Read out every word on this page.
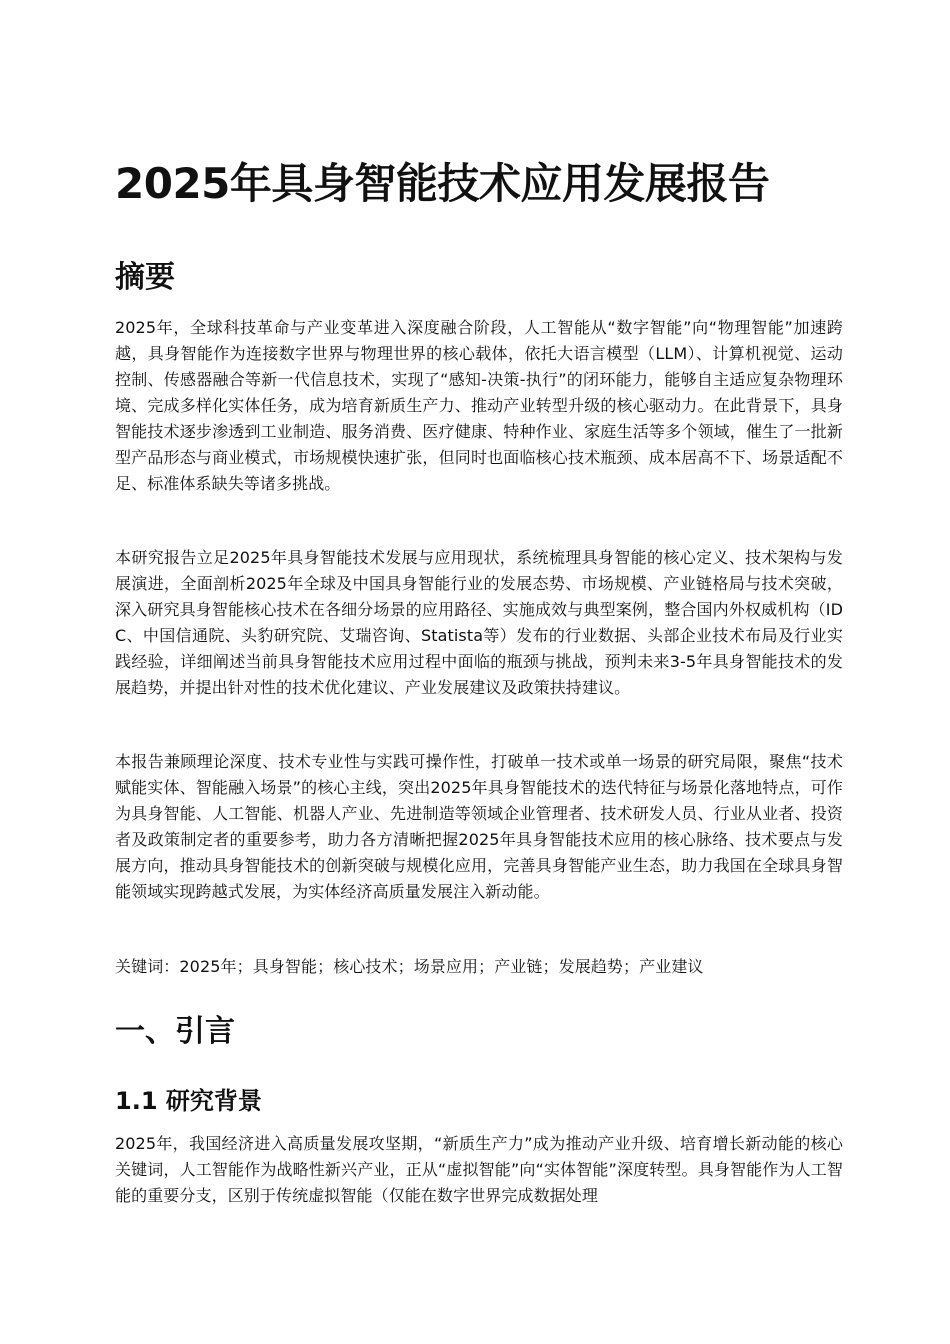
2025年具身智能技术应用发展报告
摘要

2025年，全球科技革命与产业变革进入深度融合阶段，人工智能从“数字智能”向“物理智能”加速跨越，具身智能作为连接数字世界与物理世界的核心载体，依托大语言模型（LLM）、计算机视觉、运动控制、传感器融合等新一代信息技术，实现了“感知-决策-执行”的闭环能力，能够自主适应复杂物理环境、完成多样化实体任务，成为培育新质生产力、推动产业转型升级的核心驱动力。在此背景下，具身智能技术逐步渗透到工业制造、服务消费、医疗健康、特种作业、家庭生活等多个领域，催生了一批新型产品形态与商业模式，市场规模快速扩张，但同时也面临核心技术瓶颈、成本居高不下、场景适配不足、标准体系缺失等诸多挑战。

本研究报告立足2025年具身智能技术发展与应用现状，系统梳理具身智能的核心定义、技术架构与发展演进，全面剖析2025年全球及中国具身智能行业的发展态势、市场规模、产业链格局与技术突破，深入研究具身智能核心技术在各细分场景的应用路径、实施成效与典型案例，整合国内外权威机构（IDC、中国信通院、头豹研究院、艾瑞咨询、Statista等）发布的行业数据、头部企业技术布局及行业实践经验，详细阐述当前具身智能技术应用过程中面临的瓶颈与挑战，预判未来3-5年具身智能技术的发展趋势，并提出针对性的技术优化建议、产业发展建议及政策扶持建议。

本报告兼顾理论深度、技术专业性与实践可操作性，打破单一技术或单一场景的研究局限，聚焦“技术赋能实体、智能融入场景”的核心主线，突出2025年具身智能技术的迭代特征与场景化落地特点，可作为具身智能、人工智能、机器人产业、先进制造等领域企业管理者、技术研发人员、行业从业者、投资者及政策制定者的重要参考，助力各方清晰把握2025年具身智能技术应用的核心脉络、技术要点与发展方向，推动具身智能技术的创新突破与规模化应用，完善具身智能产业生态，助力我国在全球具身智能领域实现跨越式发展，为实体经济高质量发展注入新动能。

关键词：2025年；具身智能；核心技术；场景应用；产业链；发展趋势；产业建议

一、引言
1.1 研究背景

2025年，我国经济进入高质量发展攻坚期，“新质生产力”成为推动产业升级、培育增长新动能的核心关键词，人工智能作为战略性新兴产业，正从“虚拟智能”向“实体智能”深度转型。具身智能作为人工智能的重要分支，区别于传统虚拟智能（仅能在数字世界完成数据处理
